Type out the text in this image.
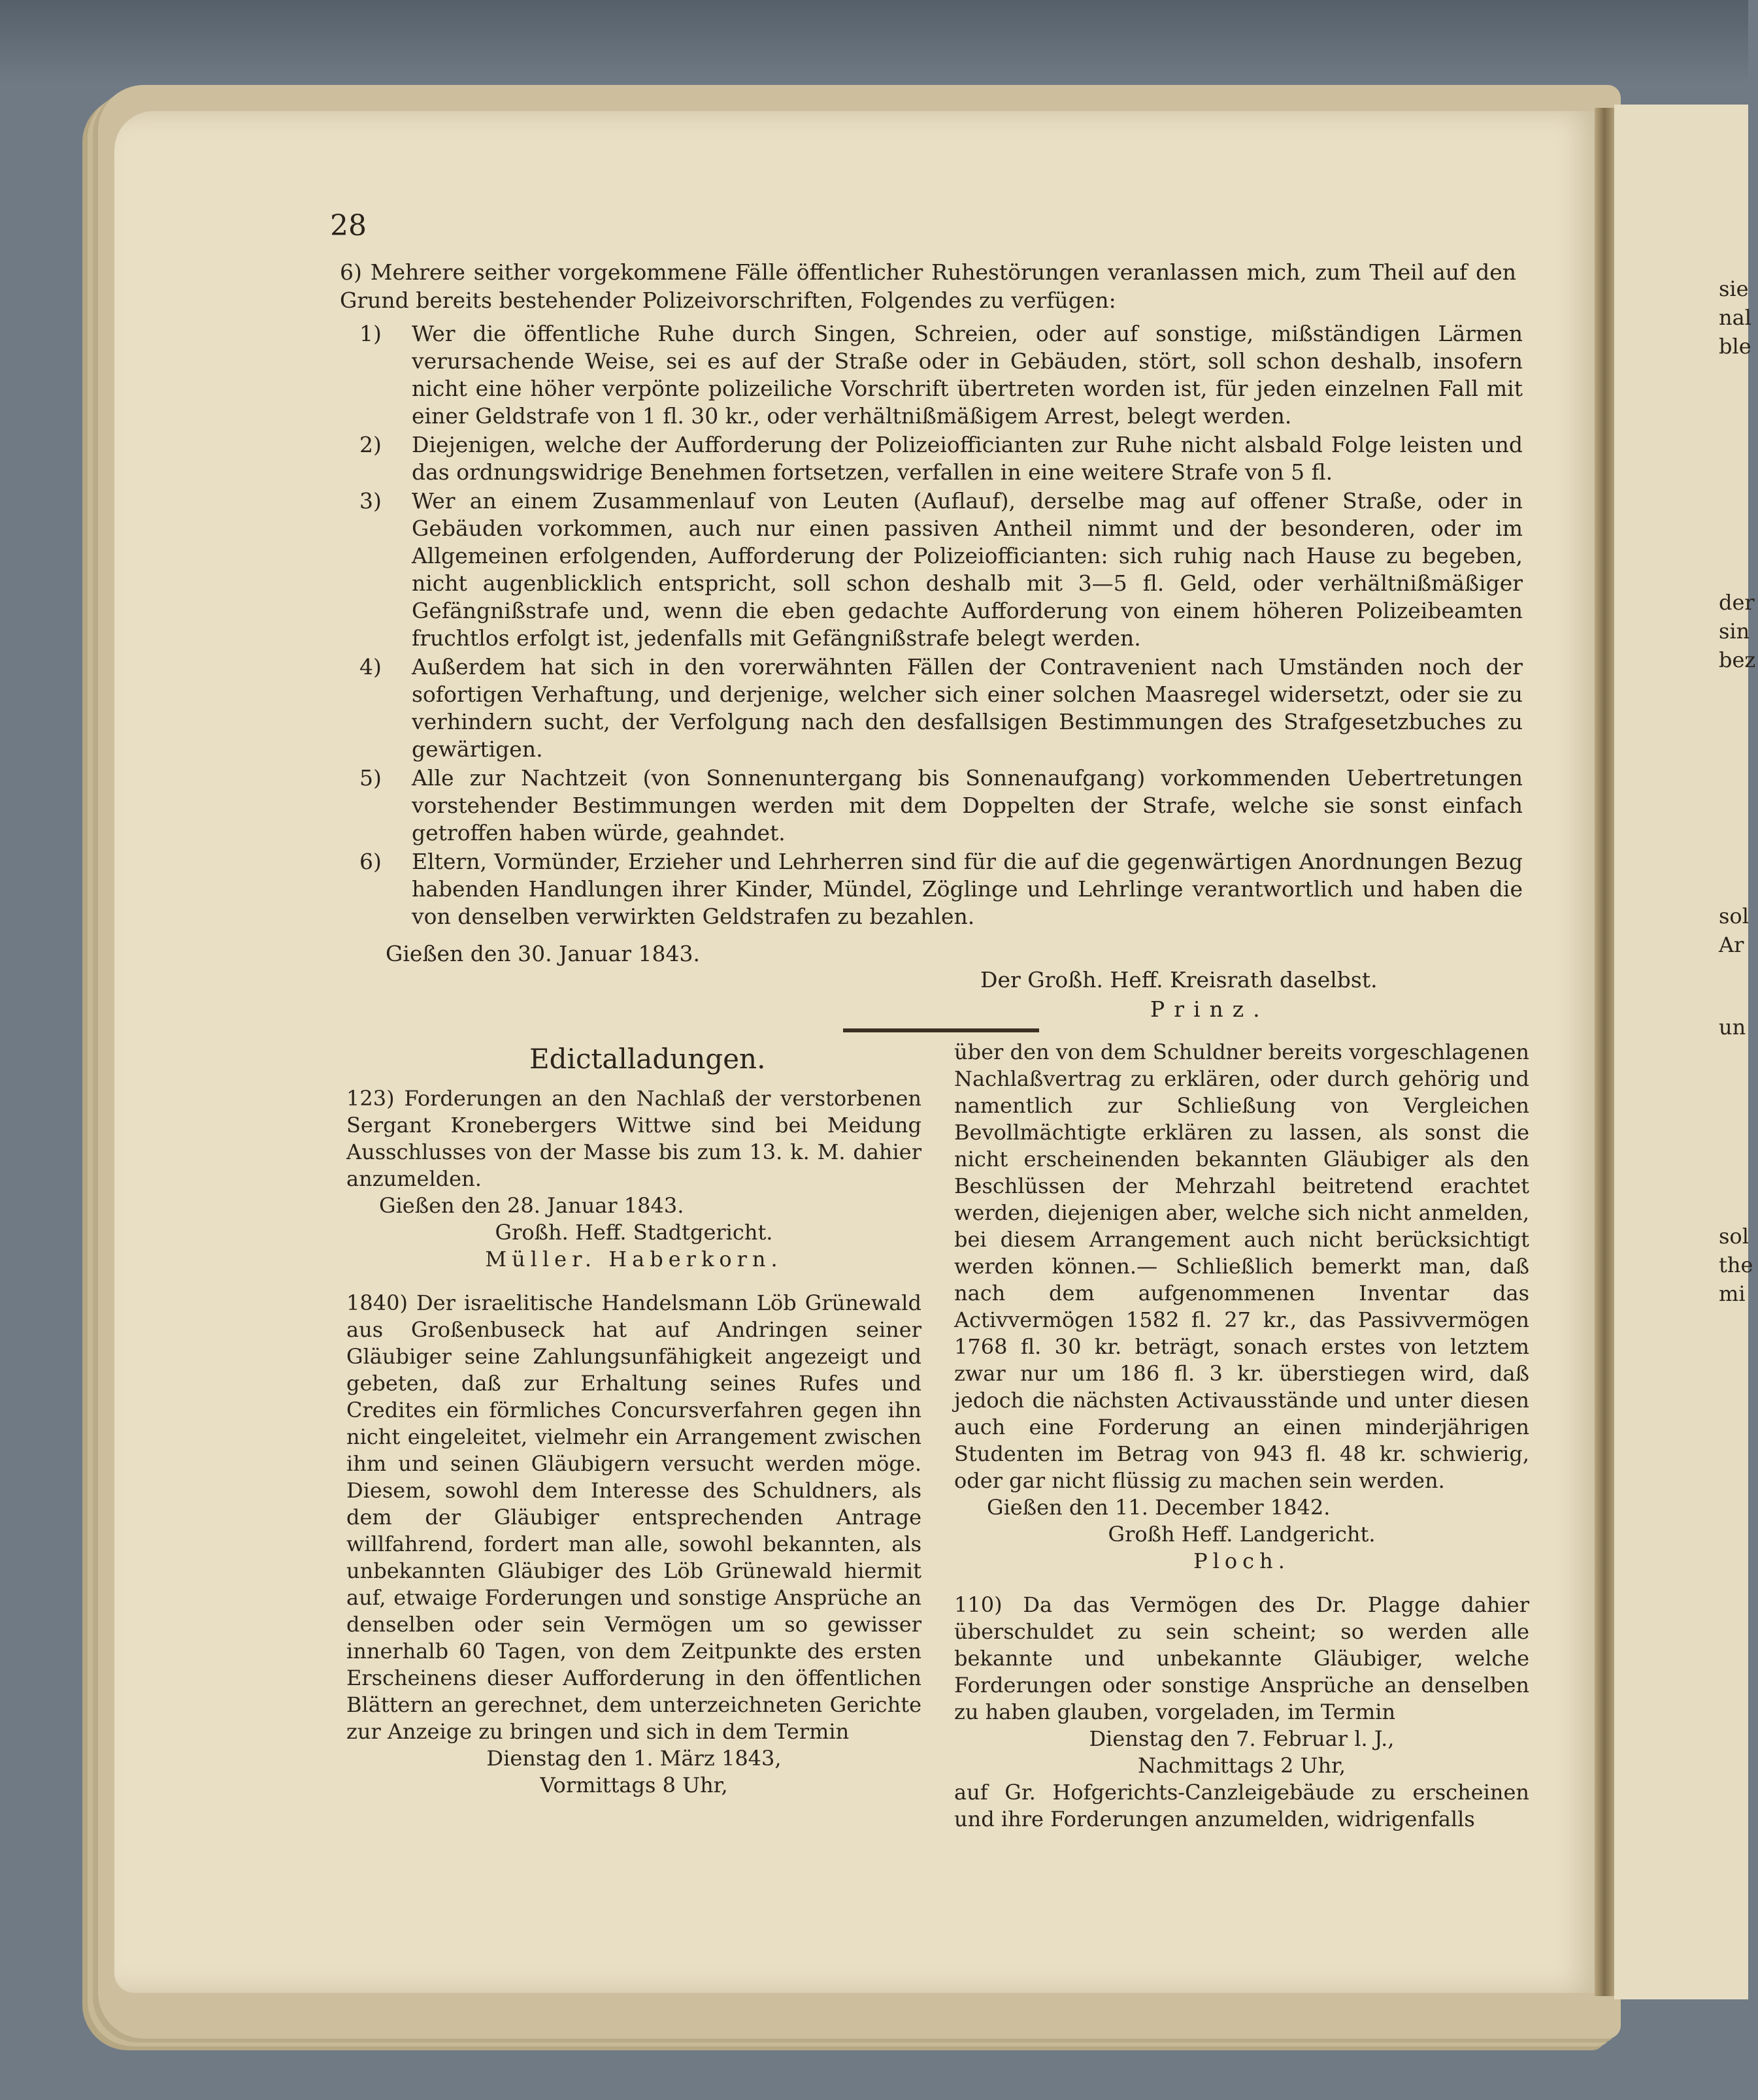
28
6) Mehrere seither vorgekommene Fälle öffentlicher Ruhestörungen veranlassen mich, zum Theil auf den Grund bereits bestehender Polizeivorschriften, Folgendes zu verfügen:
1)	Wer die öffentliche Ruhe durch Singen, Schreien, oder auf sonstige, mißständigen Lärmen verursachende Weise, sei es auf der Straße oder in Gebäuden, stört, soll schon deshalb, insofern nicht eine höher verpönte polizeiliche Vorschrift übertreten worden ist, für jeden einzelnen Fall mit einer Geldstrafe von 1 fl. 30 kr., oder verhältnißmäßigem Arrest, belegt werden.
2)	Diejenigen, welche der Aufforderung der Polizeiofficianten zur Ruhe nicht alsbald Folge leisten und das ordnungswidrige Benehmen fortsetzen, verfallen in eine weitere Strafe von 5 fl.
3)	Wer an einem Zusammenlauf von Leuten (Auflauf), derselbe mag auf offener Straße, oder in Gebäuden vorkommen, auch nur einen passiven Antheil nimmt und der besonderen, oder im Allgemeinen erfolgenden, Aufforderung der Polizeiofficianten: sich ruhig nach Hause zu begeben, nicht augenblicklich entspricht, soll schon deshalb mit 3—5 fl. Geld, oder verhältnißmäßiger Gefängnißstrafe und, wenn die eben gedachte Aufforderung von einem höheren Polizeibeamten fruchtlos erfolgt ist, jedenfalls mit Gefängnißstrafe belegt werden.
4)	Außerdem hat sich in den vorerwähnten Fällen der Contravenient nach Umständen noch der sofortigen Verhaftung, und derjenige, welcher sich einer solchen Maasregel widersetzt, oder sie zu verhindern sucht, der Verfolgung nach den desfallsigen Bestimmungen des Strafgesetzbuches zu gewärtigen.
5)	Alle zur Nachtzeit (von Sonnenuntergang bis Sonnenaufgang) vorkommenden Uebertretungen vorstehender Bestimmungen werden mit dem Doppelten der Strafe, welche sie sonst einfach getroffen haben würde, geahndet.
6)	Eltern, Vormünder, Erzieher und Lehrherren sind für die auf die gegenwärtigen Anordnungen Bezug habenden Handlungen ihrer Kinder, Mündel, Zöglinge und Lehrlinge verantwortlich und haben die von denselben verwirkten Geldstrafen zu bezahlen.
Gießen den 30. Januar 1843.
Der Großh. Heff. Kreisrath daselbst.
Prinz.
Edictalladungen.
123) Forderungen an den Nachlaß der verstorbenen Sergant Kronebergers Wittwe sind bei Meidung Ausschlusses von der Masse bis zum 13. k. M. dahier anzumelden.
Gießen den 28. Januar 1843.
Großh. Heff. Stadtgericht.
Müller. Haberkorn.
1840) Der israelitische Handelsmann Löb Grünewald aus Großenbuseck hat auf Andringen seiner Gläubiger seine Zahlungsunfähigkeit angezeigt und gebeten, daß zur Erhaltung seines Rufes und Credites ein förmliches Concursverfahren gegen ihn nicht eingeleitet, vielmehr ein Arrangement zwischen ihm und seinen Gläubigern versucht werden möge. Diesem, sowohl dem Interesse des Schuldners, als dem der Gläubiger entsprechenden Antrage willfahrend, fordert man alle, sowohl bekannten, als unbekannten Gläubiger des Löb Grünewald hiermit auf, etwaige Forderungen und sonstige Ansprüche an denselben oder sein Vermögen um so gewisser innerhalb 60 Tagen, von dem Zeitpunkte des ersten Erscheinens dieser Aufforderung in den öffentlichen Blättern an gerechnet, dem unterzeichneten Gerichte zur Anzeige zu bringen und sich in dem Termin
Dienstag den 1. März 1843,
Vormittags 8 Uhr,
über den von dem Schuldner bereits vorgeschlagenen Nachlaßvertrag zu erklären, oder durch gehörig und namentlich zur Schließung von Vergleichen Bevollmächtigte erklären zu lassen, als sonst die nicht erscheinenden bekannten Gläubiger als den Beschlüssen der Mehrzahl beitretend erachtet werden, diejenigen aber, welche sich nicht anmelden, bei diesem Arrangement auch nicht berücksichtigt werden können.— Schließlich bemerkt man, daß nach dem aufgenommenen Inventar das Activvermögen 1582 fl. 27 kr., das Passivvermögen 1768 fl. 30 kr. beträgt, sonach erstes von letztem zwar nur um 186 fl. 3 kr. überstiegen wird, daß jedoch die nächsten Activausstände und unter diesen auch eine Forderung an einen minderjährigen Studenten im Betrag von 943 fl. 48 kr. schwierig, oder gar nicht flüssig zu machen sein werden.
Gießen den 11. December 1842.
Großh Heff. Landgericht.
Ploch.
110) Da das Vermögen des Dr. Plagge dahier überschuldet zu sein scheint; so werden alle bekannte und unbekannte Gläubiger, welche Forderungen oder sonstige Ansprüche an denselben zu haben glauben, vorgeladen, im Termin
Dienstag den 7. Februar l. J.,
Nachmittags 2 Uhr,
auf Gr. Hofgerichts-Canzleigebäude zu erscheinen und ihre Forderungen anzumelden, widrigenfalls
sie
nal
ble
der
sin
bez
sol
Ar
un
sol
the
mi
